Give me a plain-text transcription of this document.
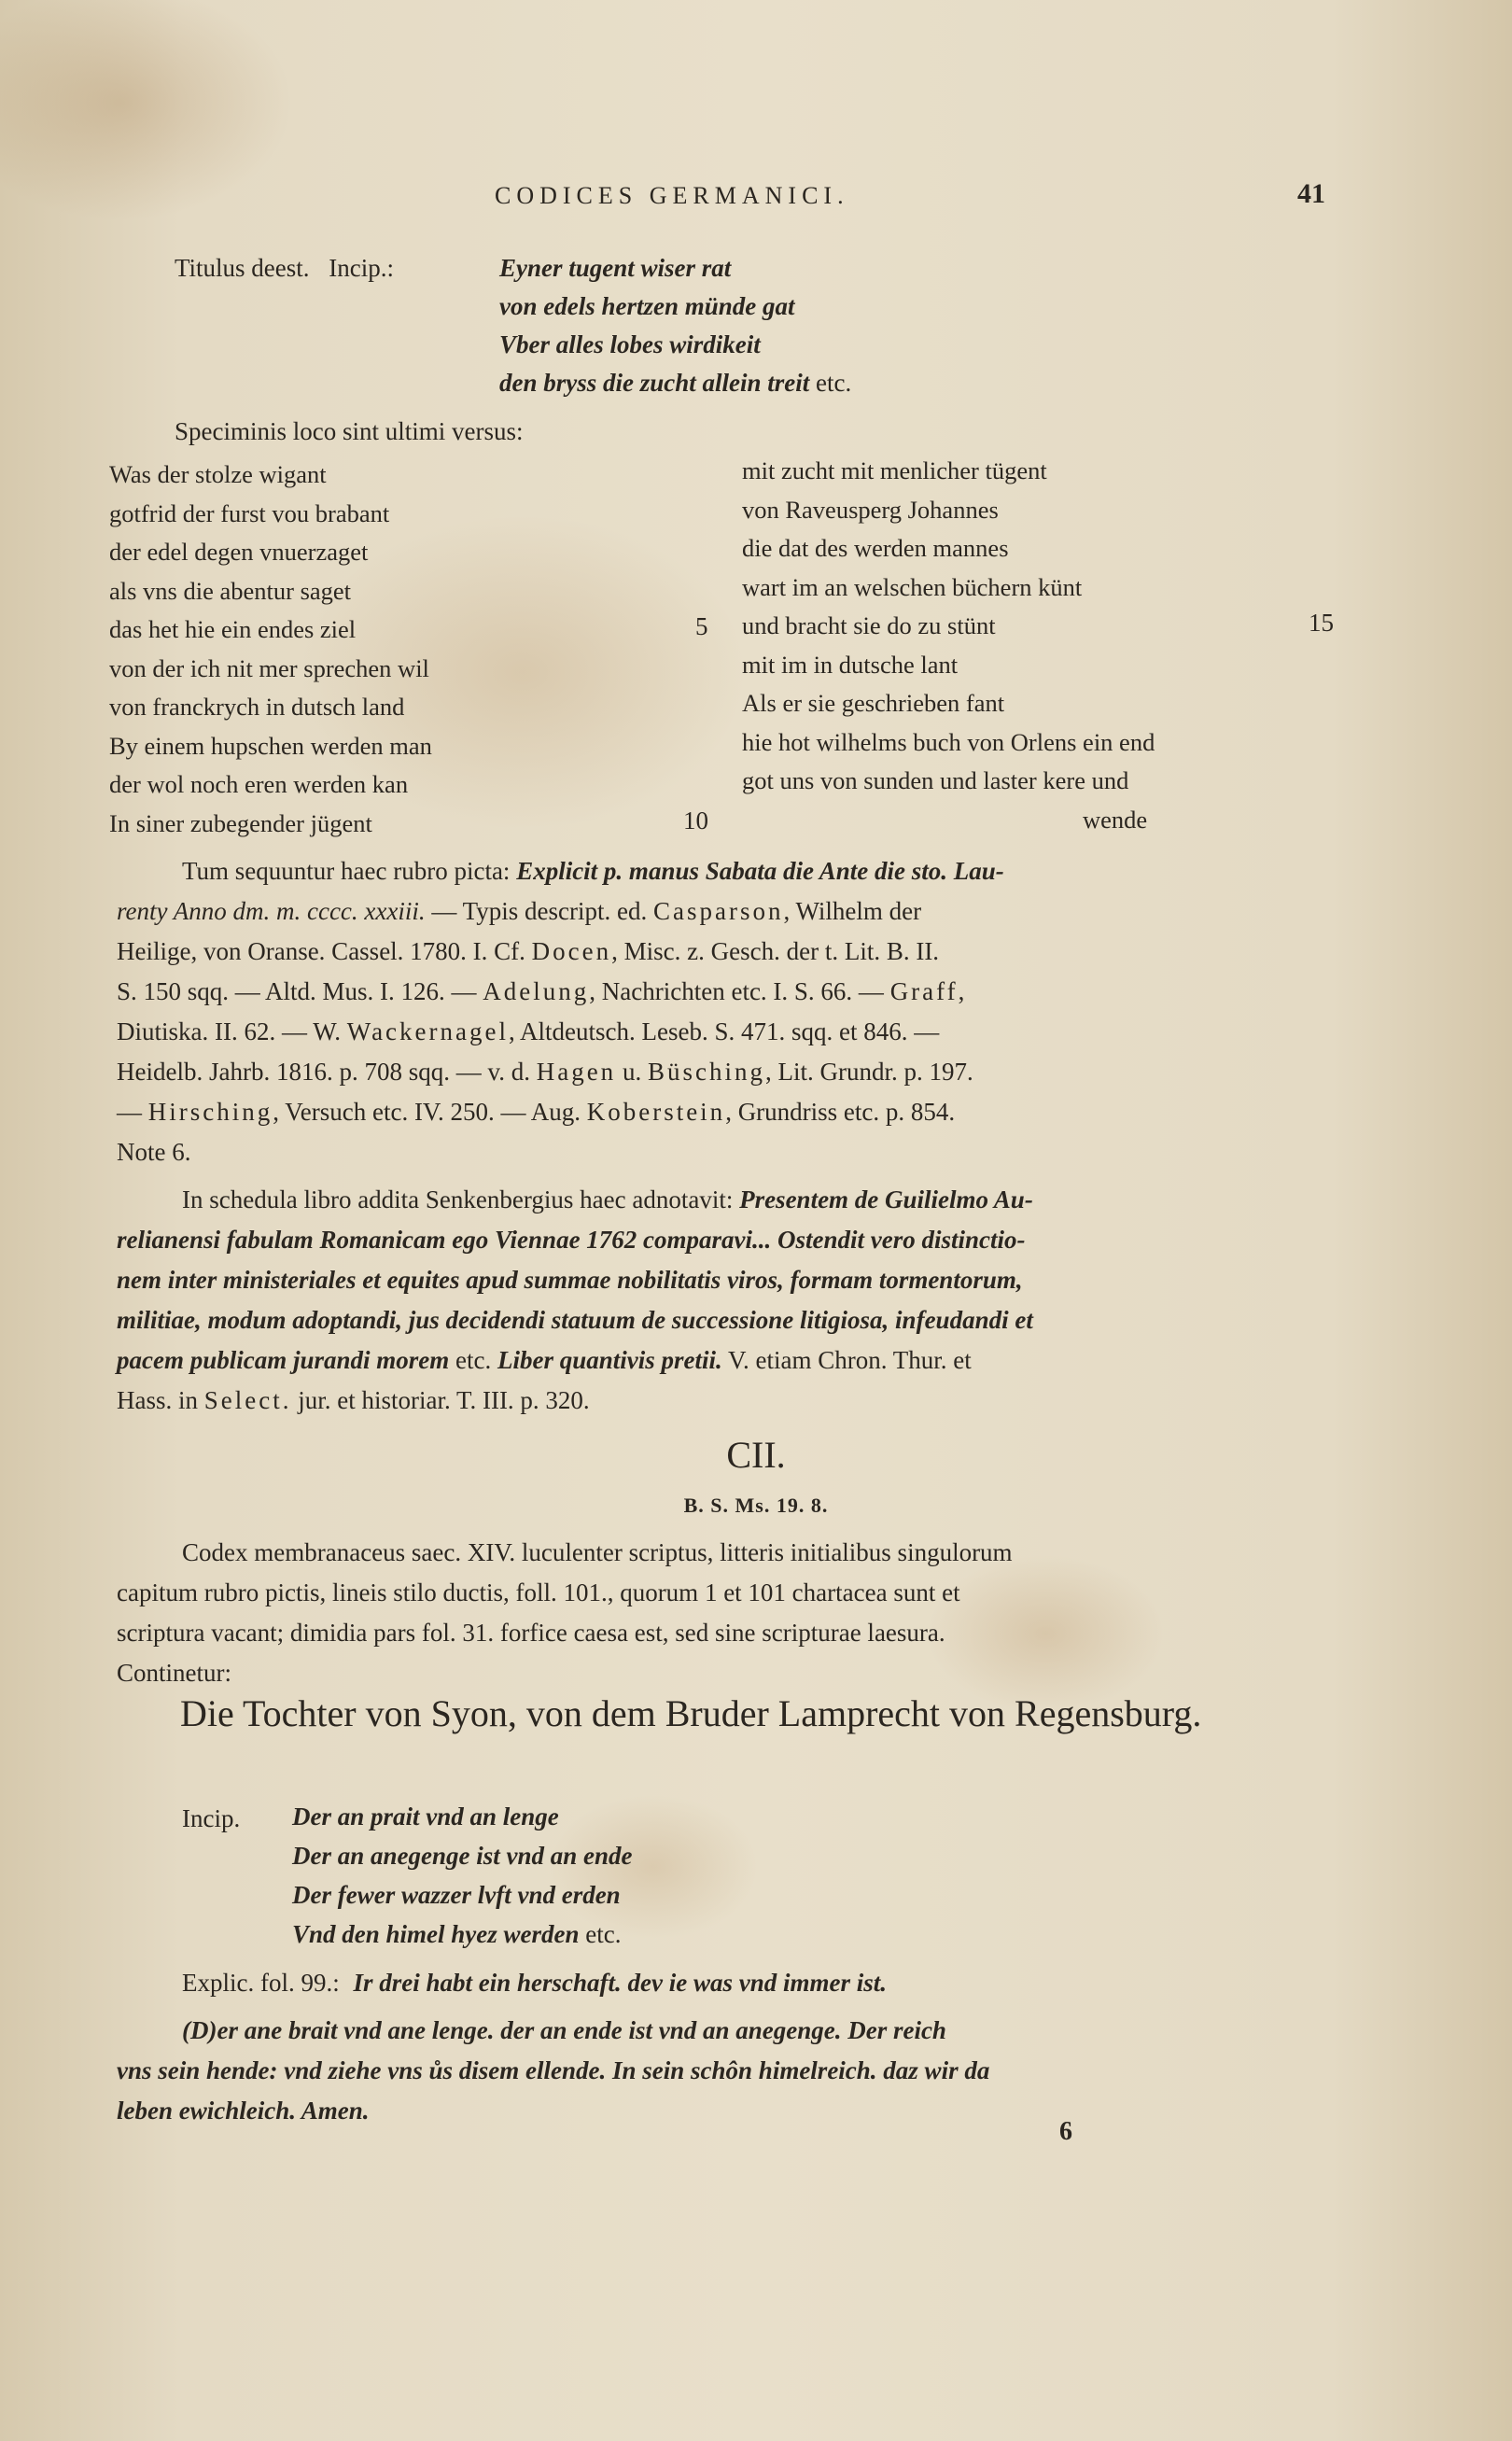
CODICES GERMANICI.	41
Titulus deest. Incip.:	Eyner tugent wiser rat
von edels hertzen münde gat
Vber alles lobes wirdikeit
den bryss die zucht allein treit etc.
Speciminis loco sint ultimi versus:
Was der stolze wigant
gotfrid der furst vou brabant
der edel degen vnuerzaget
als vns die abentur saget
das het hie ein endes ziel
von der ich nit mer sprechen wil
von franckrych in dutsch land
By einem hupschen werden man
der wol noch eren werden kan
In siner zubegender jügent
mit zucht mit menlicher tügent
von Raveusperg Johannes
die dat des werden mannes
wart im an welschen büchern künt
und bracht sie do zu stünt
mit im in dutsche lant
Als er sie geschrieben fant
hie hot wilhelms buch von Orlens ein end
got uns von sunden und laster kere und
wende
5
10
15
Tum sequuntur haec rubro picta: Explicit p. manus Sabata die Ante die sto. Lau-
renty Anno dm. m. cccc. xxxiii. — Typis descript. ed. Casparson, Wilhelm der
Heilige, von Oranse. Cassel. 1780. I. Cf. Docen, Misc. z. Gesch. der t. Lit. B. II.
S. 150 sqq. — Altd. Mus. I. 126. — Adelung, Nachrichten etc. I. S. 66. — Graff,
Diutiska. II. 62. — W. Wackernagel, Altdeutsch. Leseb. S. 471. sqq. et 846. —
Heidelb. Jahrb. 1816. p. 708 sqq. — v. d. Hagen u. Büsching, Lit. Grundr. p. 197.
— Hirsching, Versuch etc. IV. 250. — Aug. Koberstein, Grundriss etc. p. 854.
Note 6.
In schedula libro addita Senkenbergius haec adnotavit: Presentem de Guilielmo Au-
relianensi fabulam Romanicam ego Viennae 1762 comparavi... Ostendit vero distinctio-
nem inter ministeriales et equites apud summae nobilitatis viros, formam tormentorum,
militiae, modum adoptandi, jus decidendi statuum de successione litigiosa, infeudandi et
pacem publicam jurandi morem etc. Liber quantivis pretii. V. etiam Chron. Thur. et
Hass. in Select. jur. et historiar. T. III. p. 320.
CII.
B. S. Ms. 19. 8.
Codex membranaceus saec. XIV. luculenter scriptus, litteris initialibus singulorum
capitum rubro pictis, lineis stilo ductis, foll. 101., quorum 1 et 101 chartacea sunt et
scriptura vacant; dimidia pars fol. 31. forfice caesa est, sed sine scripturae laesura.
Continetur:
Die Tochter von Syon, von dem Bruder Lamprecht von Regensburg.
Incip. Der an prait vnd an lenge
Der an anegenge ist vnd an ende
Der fewer wazzer lvft vnd erden
Vnd den himel hyez werden etc.
Explic. fol. 99.: Ir drei habt ein herschaft. dev ie was vnd immer ist.
(D)er ane brait vnd ane lenge. der an ende ist vnd an anegenge. Der reich
vns sein hende: vnd ziehe vns ůs disem ellende. In sein schôn himelreich. daz wir da
leben ewichleich. Amen.
6
